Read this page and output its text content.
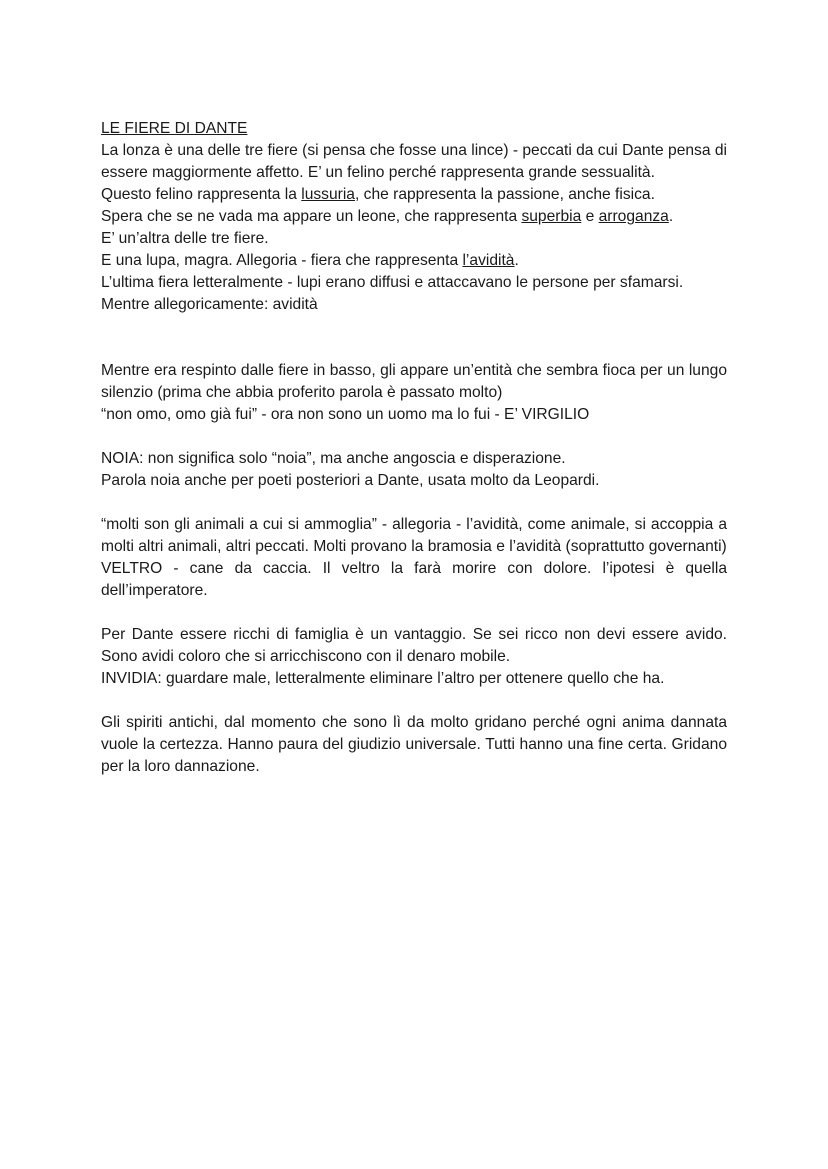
LE FIERE DI DANTE

La lonza è una delle tre fiere (si pensa che fosse una lince) - peccati da cui Dante pensa di essere maggiormente affetto. E’ un felino perché rappresenta grande sessualità.

Questo felino rappresenta la lussuria, che rappresenta la passione, anche fisica.

Spera che se ne vada ma appare un leone, che rappresenta superbia e arroganza.

E’ un’altra delle tre fiere.

E una lupa, magra. Allegoria - fiera che rappresenta l’avidità.

L’ultima fiera letteralmente - lupi erano diffusi e attaccavano le persone per sfamarsi.

Mentre allegoricamente: avidità

Mentre era respinto dalle fiere in basso, gli appare un’entità che sembra fioca per un lungo silenzio (prima che abbia proferito parola è passato molto)

“non omo, omo già fui” - ora non sono un uomo ma lo fui - E’ VIRGILIO

NOIA: non significa solo “noia”, ma anche angoscia e disperazione.

Parola noia anche per poeti posteriori a Dante, usata molto da Leopardi.

“molti son gli animali a cui si ammoglia” - allegoria - l’avidità, come animale, si accoppia a molti altri animali, altri peccati. Molti provano la bramosia e l’avidità (soprattutto governanti)

VELTRO - cane da caccia. Il veltro la farà morire con dolore. l’ipotesi è quella dell’imperatore.

Per Dante essere ricchi di famiglia è un vantaggio. Se sei ricco non devi essere avido. Sono avidi coloro che si arricchiscono con il denaro mobile.

INVIDIA: guardare male, letteralmente eliminare l’altro per ottenere quello che ha.

Gli spiriti antichi, dal momento che sono lì da molto gridano perché ogni anima dannata vuole la certezza. Hanno paura del giudizio universale. Tutti hanno una fine certa. Gridano per la loro dannazione.
